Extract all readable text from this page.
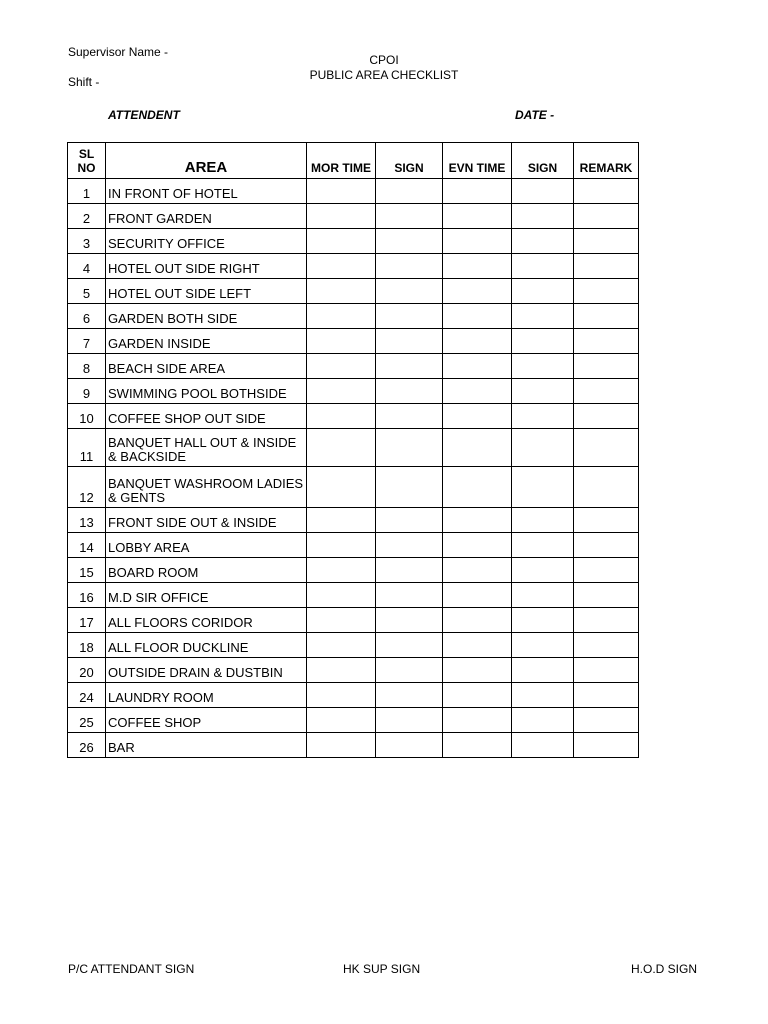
Supervisor Name -
Shift -
CPOI
PUBLIC AREA CHECKLIST
ATTENDENT	DATE -
SL NO	AREA	MOR TIME	SIGN	EVN TIME	SIGN	REMARK
1	IN FRONT OF HOTEL					
2	FRONT GARDEN					
3	SECURITY OFFICE					
4	HOTEL OUT SIDE RIGHT					
5	HOTEL OUT SIDE LEFT					
6	GARDEN BOTH SIDE					
7	GARDEN INSIDE					
8	BEACH SIDE AREA					
9	SWIMMING POOL BOTHSIDE					
10	COFFEE SHOP OUT SIDE					
11	BANQUET HALL OUT & INSIDE & BACKSIDE					
12	BANQUET WASHROOM LADIES & GENTS					
13	FRONT SIDE OUT & INSIDE					
14	LOBBY AREA					
15	BOARD ROOM					
16	M.D SIR OFFICE					
17	ALL FLOORS CORIDOR					
18	ALL FLOOR DUCKLINE					
20	OUTSIDE DRAIN & DUSTBIN					
24	LAUNDRY ROOM					
25	COFFEE SHOP					
26	BAR					
P/C ATTENDANT SIGN	HK SUP SIGN	H.O.D SIGN
